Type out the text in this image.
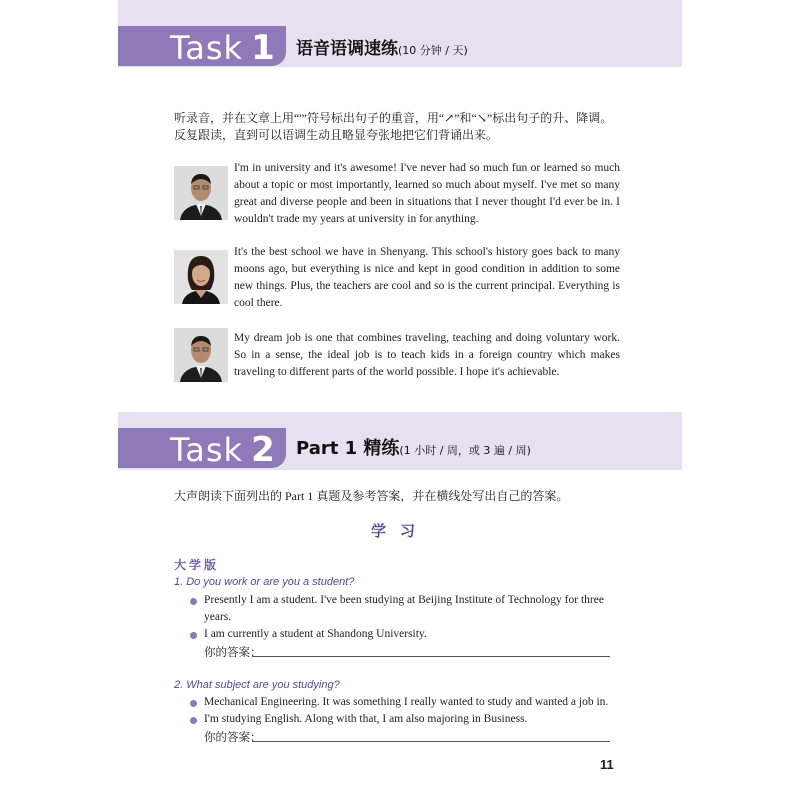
Task 1	语音语调速练(10 分钟 / 天)
听录音，并在文章上用“'”符号标出句子的重音，用“↗”和“↘”标出句子的升、降调。反复跟读，直到可以语调生动且略显夸张地把它们背诵出来。
I'm in university and it's awesome! I've never had so much fun or learned so much about a topic or most importantly, learned so much about myself. I've met so many great and diverse people and been in situations that I never thought I'd ever be in. I wouldn't trade my years at university in for anything.
It's the best school we have in Shenyang. This school's history goes back to many moons ago, but everything is nice and kept in good condition in addition to some new things. Plus, the teachers are cool and so is the current principal. Everything is cool there.
My dream job is one that combines traveling, teaching and doing voluntary work. So in a sense, the ideal job is to teach kids in a foreign country which makes traveling to different parts of the world possible. I hope it's achievable.
Task 2	Part 1 精练(1 小时 / 周，或 3 遍 / 周)
大声朗读下面列出的 Part 1 真题及参考答案，并在横线处写出自己的答案。
学习
大 学 版
1. Do you work or are you a student?
Presently I am a student. I've been studying at Beijing Institute of Technology for three years.
I am currently a student at Shandong University.
你的答案：
2. What subject are you studying?
Mechanical Engineering. It was something I really wanted to study and wanted a job in.
I'm studying English. Along with that, I am also majoring in Business.
你的答案：
11
